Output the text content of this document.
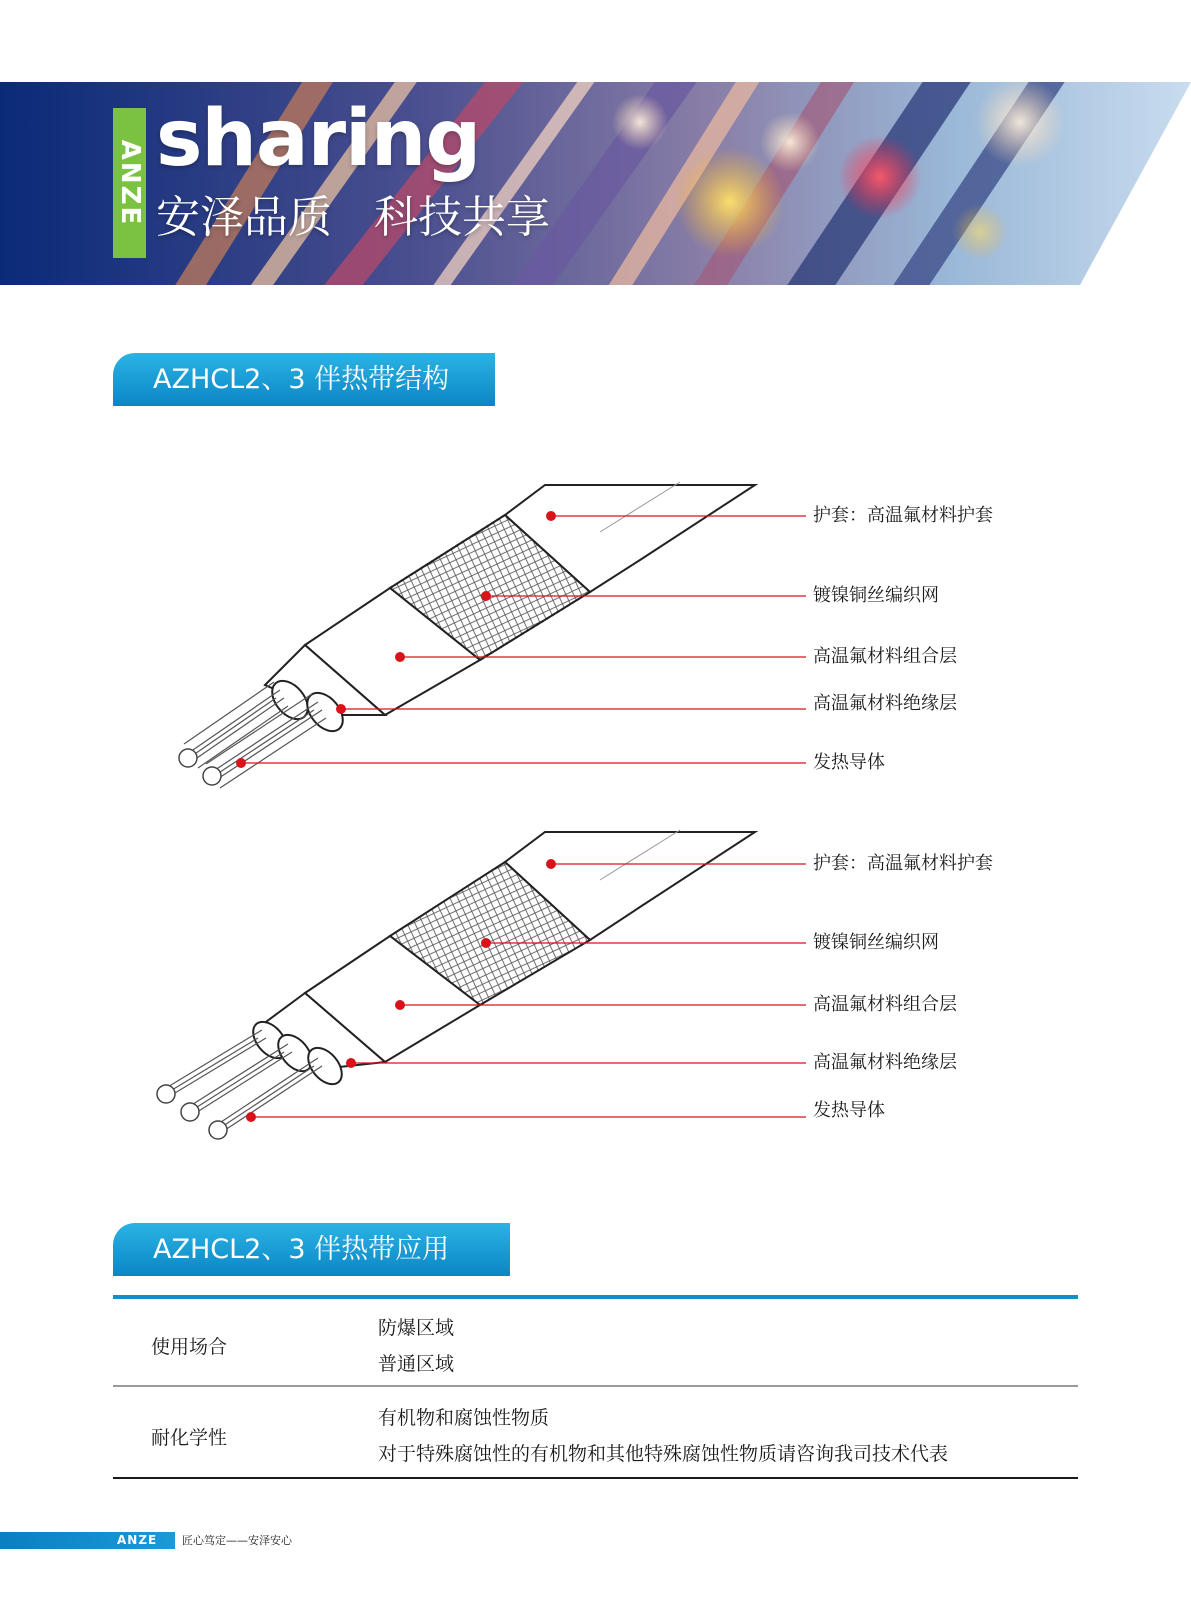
ANZE sharing
安泽品质   科技共享
AZHCL2、3 伴热带结构
护套：高温氟材料护套
镀镍铜丝编织网
高温氟材料组合层
高温氟材料绝缘层
发热导体
护套：高温氟材料护套
镀镍铜丝编织网
高温氟材料组合层
高温氟材料绝缘层
发热导体
AZHCL2、3 伴热带应用
使用场合
防爆区域
普通区域
耐化学性
有机物和腐蚀性物质
对于特殊腐蚀性的有机物和其他特殊腐蚀性物质请咨询我司技术代表
ANZE 匠心笃定——安泽安心
